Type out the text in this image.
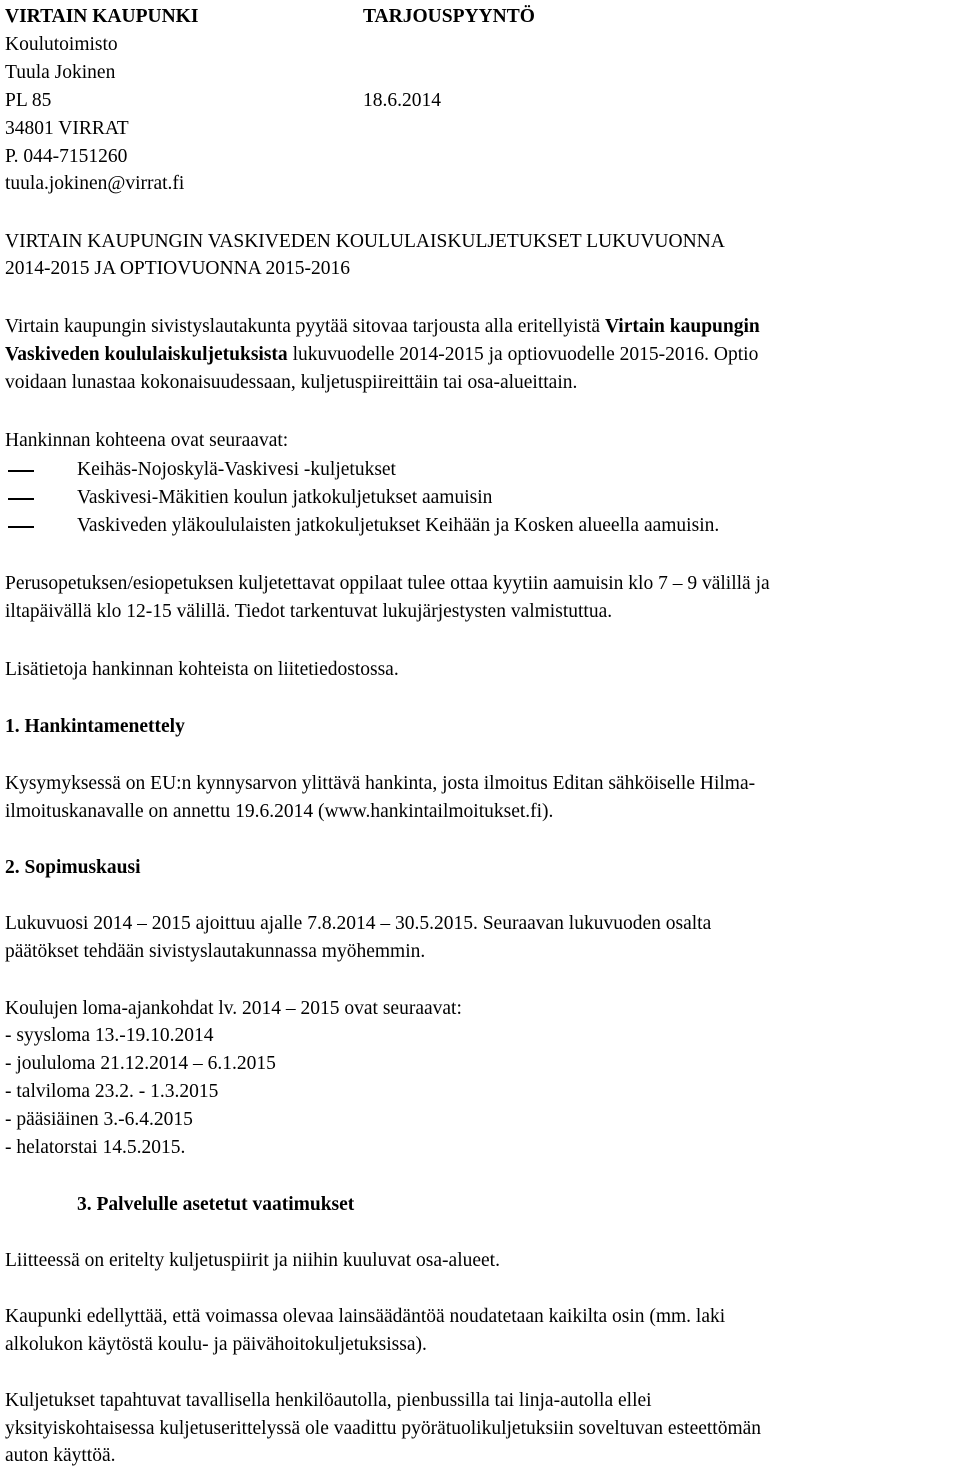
VIRTAIN KAUPUNKI	TARJOUSPYYNTÖ
Koulutoimisto
Tuula Jokinen
PL 85	18.6.2014
34801 VIRRAT
P. 044-7151260
tuula.jokinen@virrat.fi
VIRTAIN KAUPUNGIN VASKIVEDEN KOULULAISKULJETUKSET LUKUVUONNA
2014-2015 JA OPTIOVUONNA 2015-2016
Virtain kaupungin sivistyslautakunta pyytää sitovaa tarjousta alla eritellyistä Virtain kaupungin
Vaskiveden koululaiskuljetuksista lukuvuodelle 2014-2015 ja optiovuodelle 2015-2016. Optio
voidaan lunastaa kokonaisuudessaan, kuljetuspiireittäin tai osa-alueittain.
Hankinnan kohteena ovat seuraavat:
Keihäs-Nojoskylä-Vaskivesi -kuljetukset
Vaskivesi-Mäkitien koulun jatkokuljetukset aamuisin
Vaskiveden yläkoululaisten jatkokuljetukset Keihään ja Kosken alueella aamuisin.
Perusopetuksen/esiopetuksen kuljetettavat oppilaat tulee ottaa kyytiin aamuisin klo 7 – 9 välillä ja
iltapäivällä klo 12-15 välillä. Tiedot tarkentuvat lukujärjestysten valmistuttua.
Lisätietoja hankinnan kohteista on liitetiedostossa.
1. Hankintamenettely
Kysymyksessä on EU:n kynnysarvon ylittävä hankinta, josta ilmoitus Editan sähköiselle Hilma-
ilmoituskanavalle on annettu 19.6.2014 (www.hankintailmoitukset.fi).
2. Sopimuskausi
Lukuvuosi 2014 – 2015 ajoittuu ajalle 7.8.2014 – 30.5.2015. Seuraavan lukuvuoden osalta
päätökset tehdään sivistyslautakunnassa myöhemmin.
Koulujen loma-ajankohdat lv. 2014 – 2015 ovat seuraavat:
- syysloma 13.-19.10.2014
- joululoma 21.12.2014 – 6.1.2015
- talviloma 23.2. - 1.3.2015
- pääsiäinen 3.-6.4.2015
- helatorstai 14.5.2015.
3. Palvelulle asetetut vaatimukset
Liitteessä on eritelty kuljetuspiirit ja niihin kuuluvat osa-alueet.
Kaupunki edellyttää, että voimassa olevaa lainsäädäntöä noudatetaan kaikilta osin (mm. laki
alkolukon käytöstä koulu- ja päivähoitokuljetuksissa).
Kuljetukset tapahtuvat tavallisella henkilöautolla, pienbussilla tai linja-autolla ellei
yksityiskohtaisessa kuljetuserittelyssä ole vaadittu pyörätuolikuljetuksiin soveltuvan esteettömän
auton käyttöä.
